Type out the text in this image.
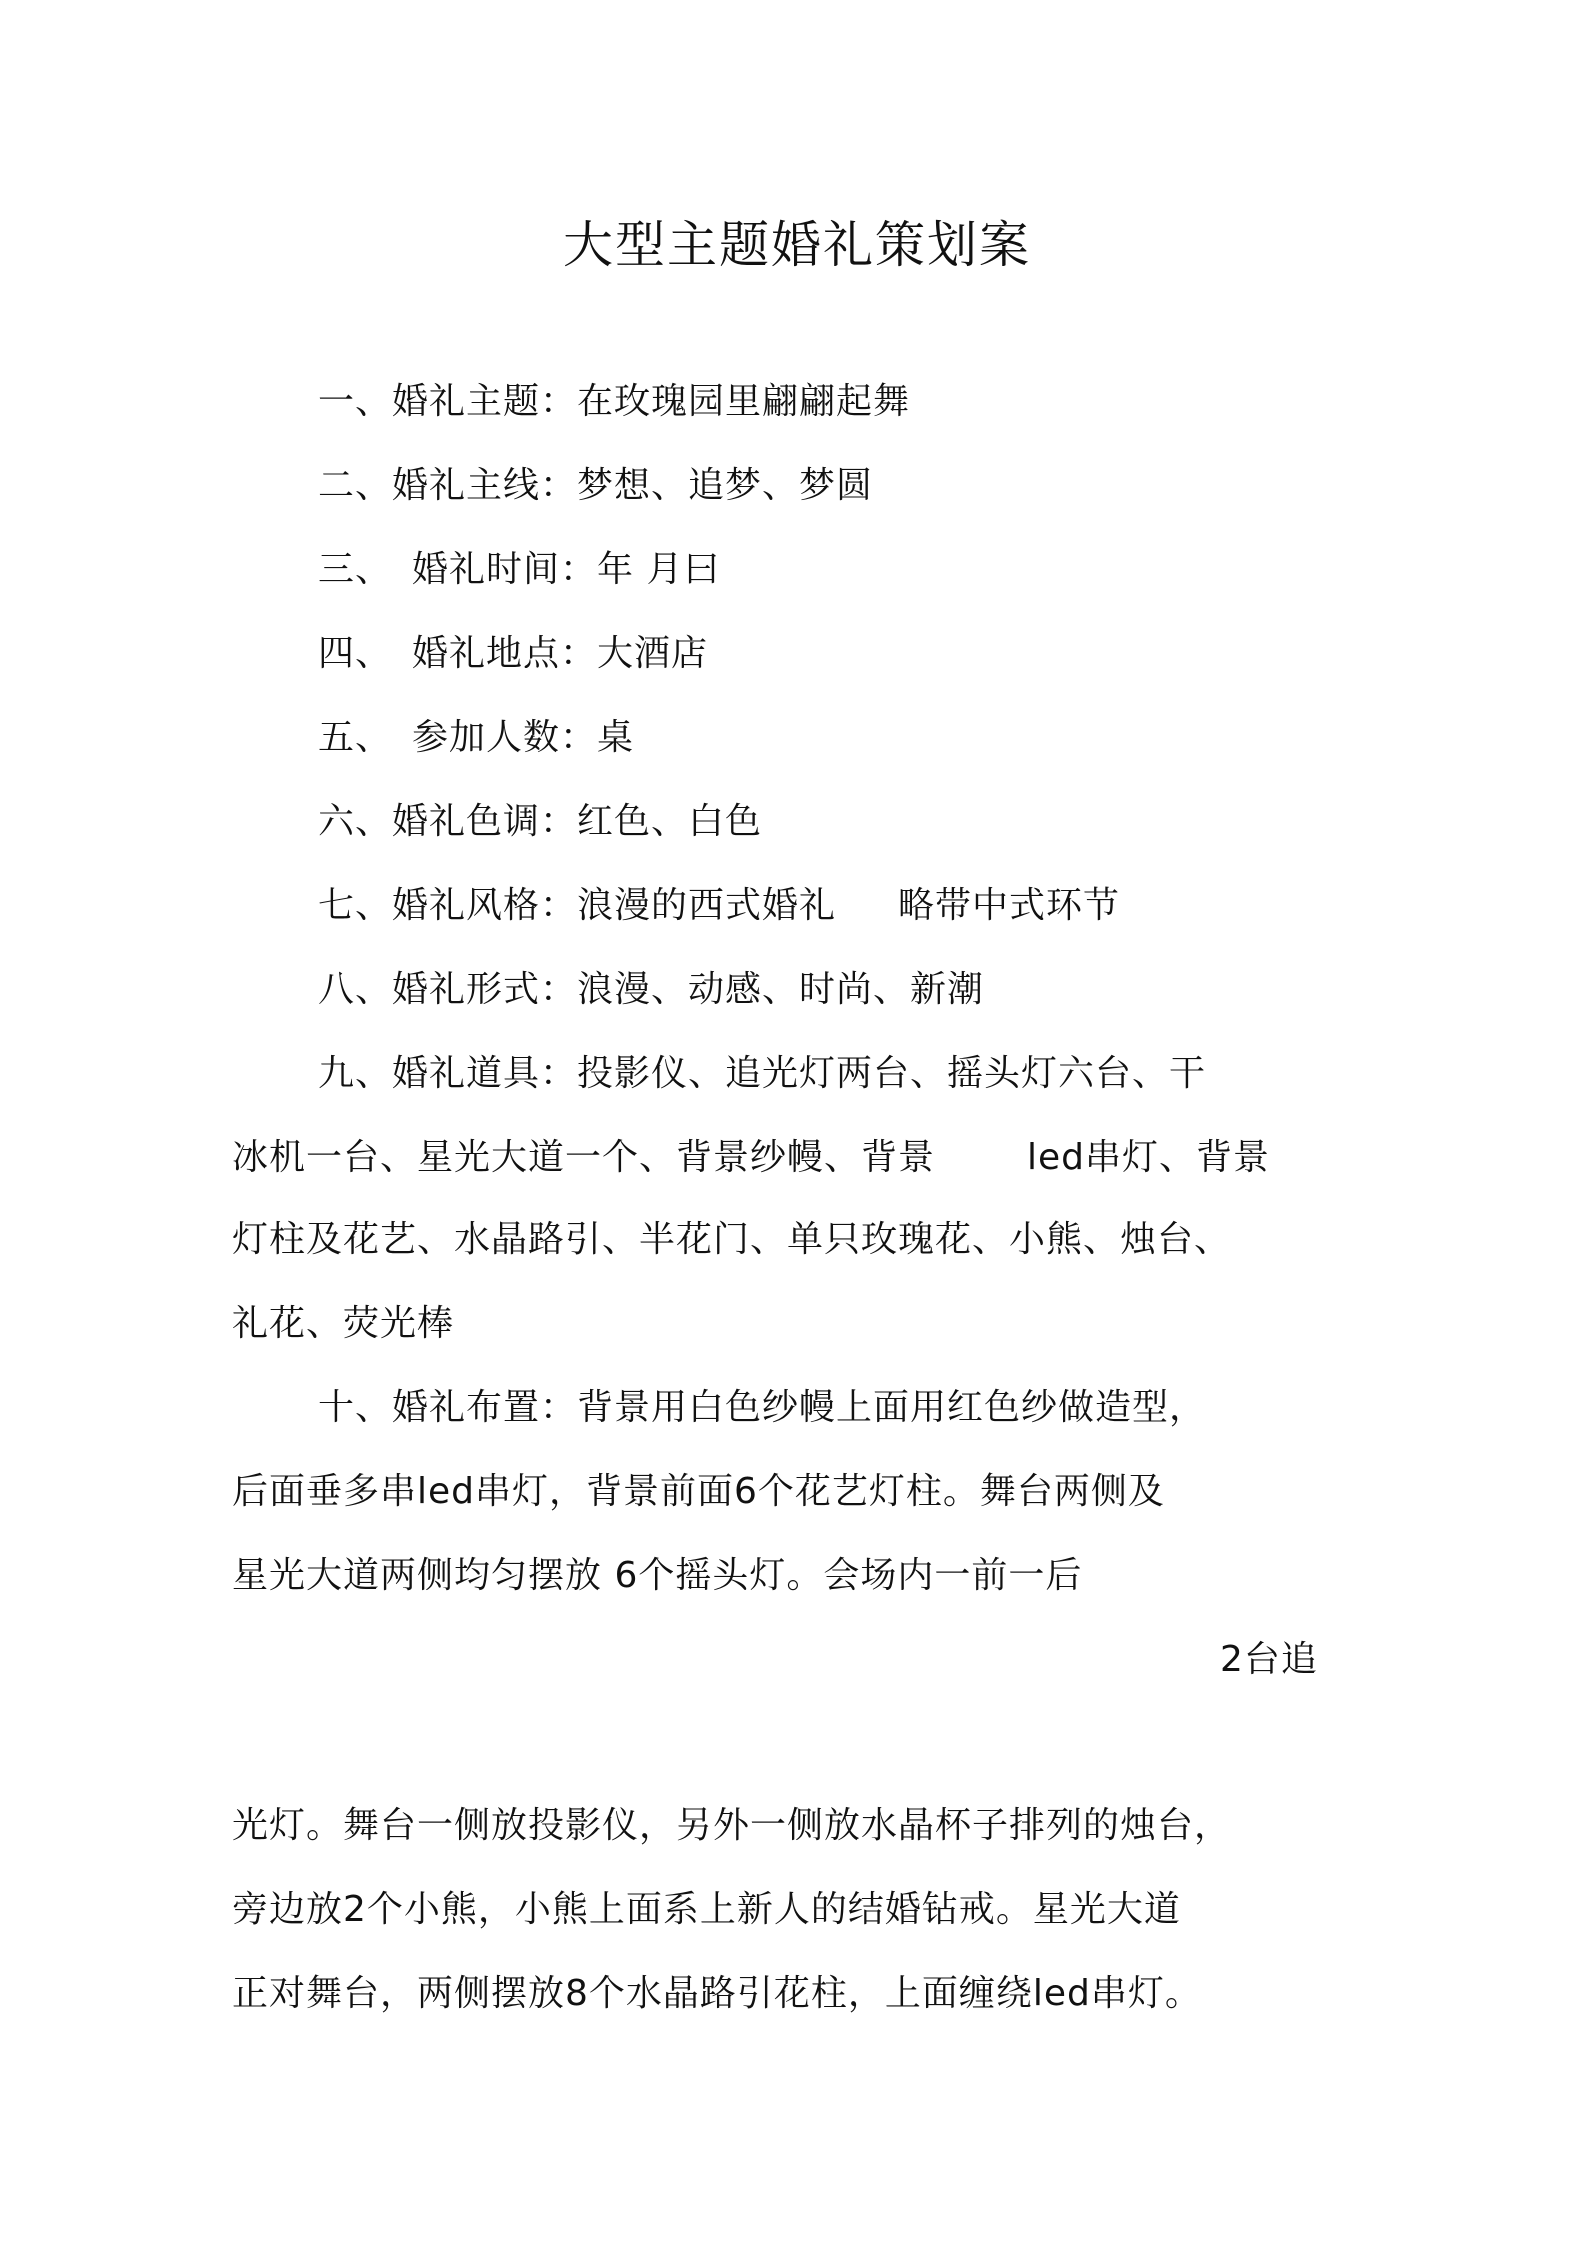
大型主题婚礼策划案
一、婚礼主题：在玫瑰园里翩翩起舞
二、婚礼主线：梦想、追梦、梦圆
三、 婚礼时间：年 月曰
四、 婚礼地点：大酒店
五、 参加人数：桌
六、婚礼色调：红色、白色
七、婚礼风格：浪漫的西式婚礼 略带中式环节
八、婚礼形式：浪漫、动感、时尚、新潮
九、婚礼道具：投影仪、追光灯两台、摇头灯六台、干
冰机一台、星光大道一个、背景纱幔、背景	led串灯、背景
灯柱及花艺、水晶路引、半花门、单只玫瑰花、小熊、烛台、
礼花、荧光棒
十、婚礼布置：背景用白色纱幔上面用红色纱做造型，
后面垂多串led串灯，背景前面6个花艺灯柱。舞台两侧及
星光大道两侧均匀摆放 6个摇头灯。会场内一前一后
2台追
光灯。舞台一侧放投影仪，另外一侧放水晶杯子排列的烛台，
旁边放2个小熊，小熊上面系上新人的结婚钻戒。星光大道
正对舞台，两侧摆放8个水晶路引花柱，上面缠绕led串灯。
